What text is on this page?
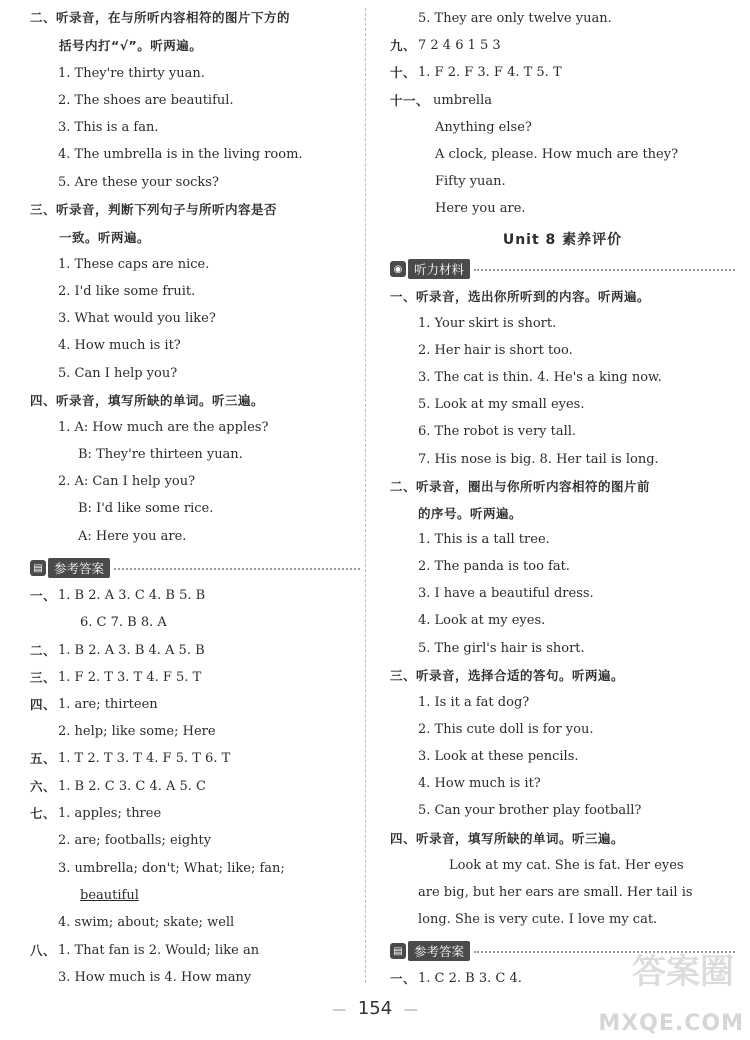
二、听录音，在与所听内容相符的图片下方的
括号内打“√”。听两遍。
1. They're thirty yuan.
2. The shoes are beautiful.
3. This is a fan.
4. The umbrella is in the living room.
5. Are these your socks?
三、听录音，判断下列句子与所听内容是否
一致。听两遍。
1. These caps are nice.
2. I'd like some fruit.
3. What would you like?
4. How much is it?
5. Can I help you?
四、听录音，填写所缺的单词。听三遍。
1. A: How much are the apples?
B: They're thirteen yuan.
2. A: Can I help you?
B: I'd like some rice.
A: Here you are.
▤ 参考答案
一、 1. B 2. A 3. C 4. B 5. B
6. C 7. B 8. A
二、 1. B 2. A 3. B 4. A 5. B
三、 1. F 2. T 3. T 4. F 5. T
四、 1. are; thirteen
2. help; like some; Here
五、 1. T 2. T 3. T 4. F 5. T 6. T
六、 1. B 2. C 3. C 4. A 5. C
七、 1. apples; three
2. are; footballs; eighty
3. umbrella; don't; What; like; fan;
beautiful
4. swim; about; skate; well
八、 1. That fan is 2. Would; like an
3. How much is 4. How many
5. They are only twelve yuan.
九、 7 2 4 6 1 5 3
十、 1. F 2. F 3. F 4. T 5. T
十一、 umbrella
Anything else?
A clock, please. How much are they?
Fifty yuan.
Here you are.
Unit 8 素养评价
◉ 听力材料
一、听录音，选出你所听到的内容。听两遍。
1. Your skirt is short.
2. Her hair is short too.
3. The cat is thin. 4. He's a king now.
5. Look at my small eyes.
6. The robot is very tall.
7. His nose is big. 8. Her tail is long.
二、听录音，圈出与你所听内容相符的图片前
的序号。听两遍。
1. This is a tall tree.
2. The panda is too fat.
3. I have a beautiful dress.
4. Look at my eyes.
5. The girl's hair is short.
三、听录音，选择合适的答句。听两遍。
1. Is it a fat dog?
2. This cute doll is for you.
3. Look at these pencils.
4. How much is it?
5. Can your brother play football?
四、听录音，填写所缺的单词。听三遍。
Look at my cat. She is fat. Her eyes
are big, but her ears are small. Her tail is
long. She is very cute. I love my cat.
▤ 参考答案
一、 1. C 2. B 3. C 4.	答案圈
MXQE.COM
— 154 —
